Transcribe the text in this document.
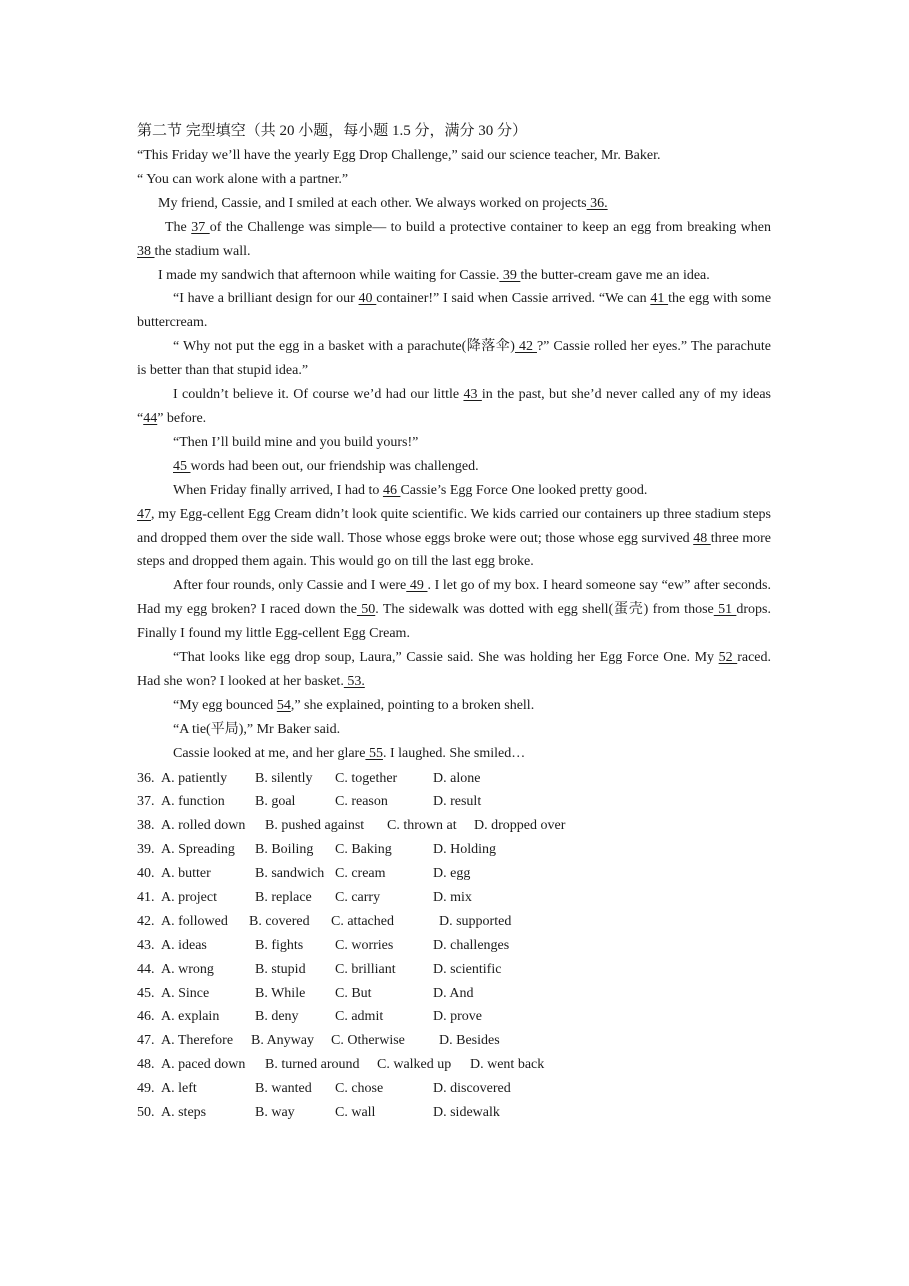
第二节 完型填空（共 20 小题，每小题 1.5 分，满分 30 分）

“This Friday we’ll have the yearly Egg Drop Challenge,” said our science teacher, Mr. Baker.

“ You can work alone with a partner.”

My friend, Cassie, and I smiled at each other. We always worked on projects 36.

The 37 of the Challenge was simple— to build a protective container to keep an egg from breaking when 38 the stadium wall.

I made my sandwich that afternoon while waiting for Cassie. 39 the butter-cream gave me an idea.

“I have a brilliant design for our 40 container!” I said when Cassie arrived. “We can 41 the egg with some buttercream.

“ Why not put the egg in a basket with a parachute(降落伞) 42 ?” Cassie rolled her eyes.” The parachute is better than that stupid idea.”

I couldn’t believe it. Of course we’d had our little 43 in the past, but she’d never called any of my ideas “44” before.

“Then I’ll build mine and you build yours!”

45 words had been out, our friendship was challenged.

When Friday finally arrived, I had to 46 Cassie’s Egg Force One looked pretty good.

47, my Egg-cellent Egg Cream didn’t look quite scientific. We kids carried our containers up three stadium steps and dropped them over the side wall. Those whose eggs broke were out; those whose egg survived 48 three more steps and dropped them again. This would go on till the last egg broke.

After four rounds, only Cassie and I were 49 . I let go of my box. I heard someone say “ew” after seconds. Had my egg broken? I raced down the 50. The sidewalk was dotted with egg shell(蛋壳) from those 51 drops. Finally I found my little Egg-cellent Egg Cream.

“That looks like egg drop soup, Laura,” Cassie said. She was holding her Egg Force One. My 52 raced. Had she won? I looked at her basket. 53.

“My egg bounced 54,” she explained, pointing to a broken shell.

“A tie(平局),” Mr Baker said.

Cassie looked at me, and her glare 55. I laughed. She smiled…

36. A. patiently B. silently C. together	D. alone
37. A. function B. goal	C. reason	D. result
38. A. rolled down B. pushed against C. thrown at D. dropped over
39. A. Spreading B. Boiling C. Baking	D. Holding
40. A. butter	B. sandwich C. cream	D. egg
41. A. project	B. replace C. carry	D. mix
42. A. followed B. covered C. attached	D. supported
43. A. ideas	B. fights C. worries	D. challenges
44. A. wrong	B. stupid C. brilliant	D. scientific
45. A. Since	B. While C. But	D. And
46. A. explain	B. deny	C. admit	D. prove
47. A. Therefore B. Anyway C. Otherwise D. Besides
48. A. paced down B. turned around C. walked up D. went back
49. A. left	B. wanted C. chose	D. discovered
50. A. steps	B. way	C. wall	D. sidewalk
